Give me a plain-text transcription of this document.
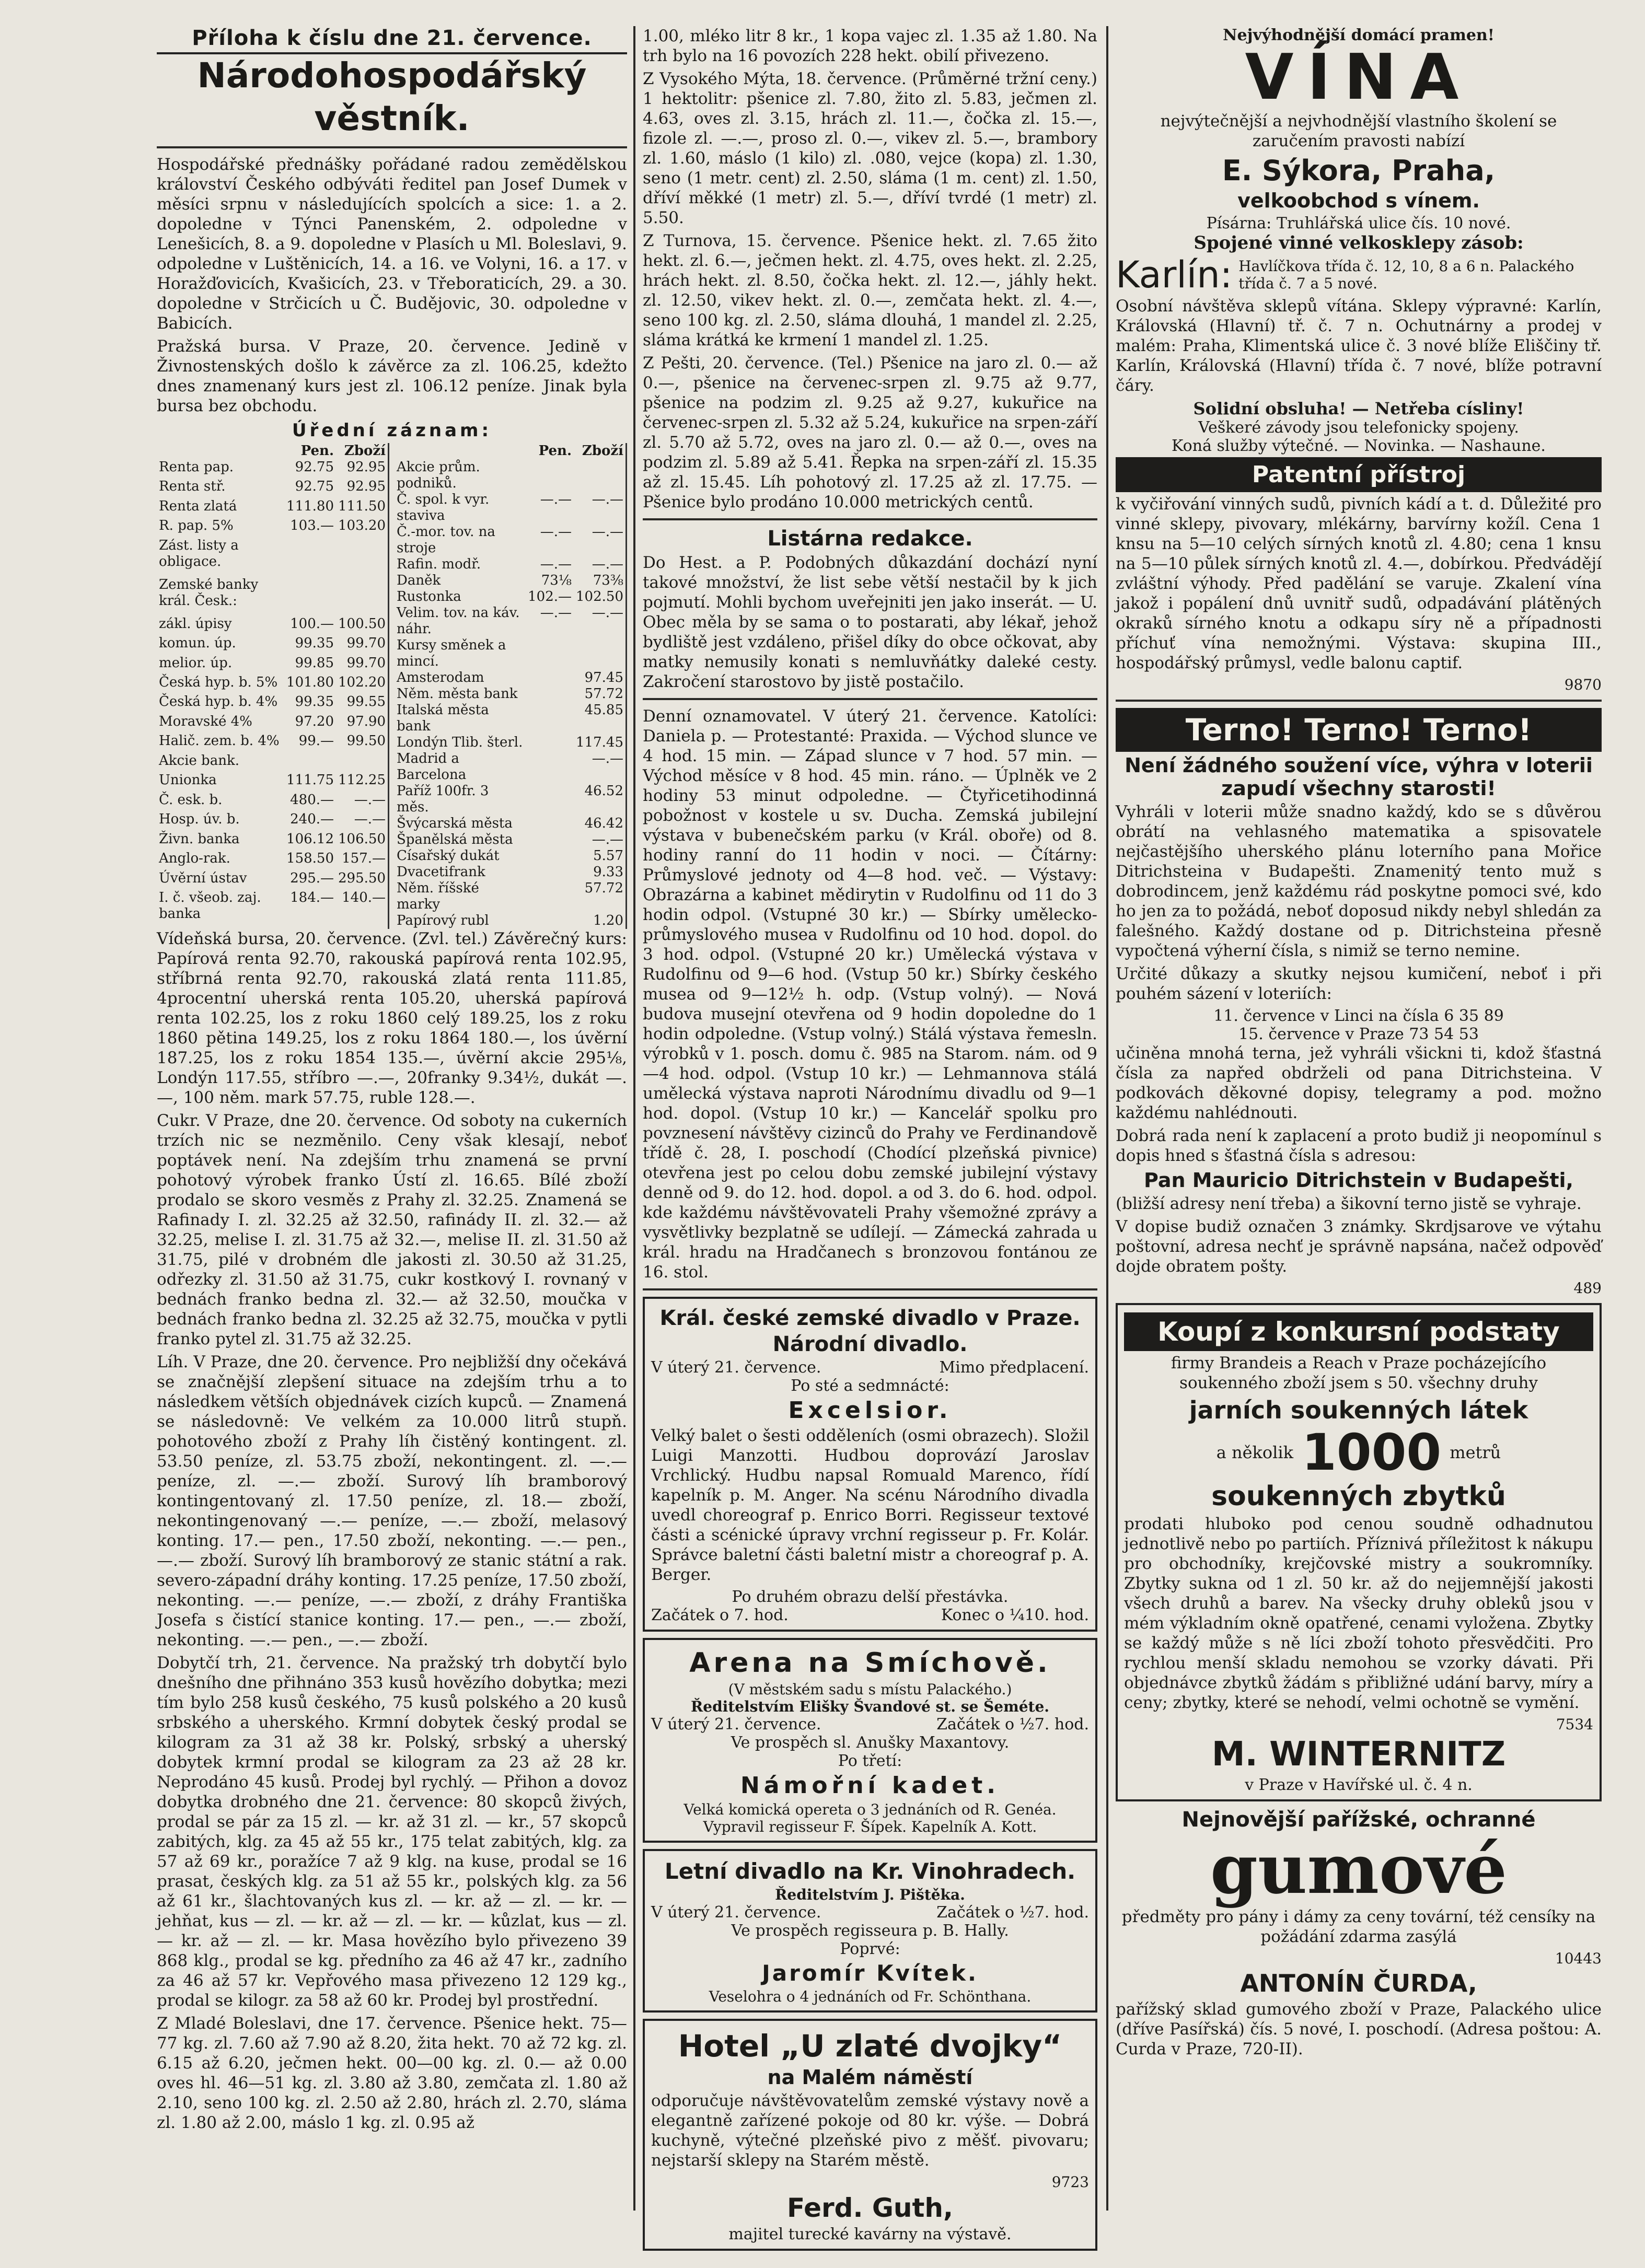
Příloha k číslu dne 21. července.
Národohospodářský věstník.

Hospodářské přednášky pořádané radou zemědělskou království Českého odbýváti ředitel pan Josef Dumek v měsíci srpnu v následujících spolcích a sice: 1. a 2. dopoledne v Týnci Panenském, 2. odpoledne v Lenešicích, 8. a 9. dopoledne v Plasích u Ml. Boleslavi, 9. odpoledne v Luštěnicích, 14. a 16. ve Volyni, 16. a 17. v Horažďovicích, Kvašicích, 23. v Třeboraticích, 29. a 30. dopoledne v Strčicích u Č. Budějovic, 30. odpoledne v Babicích.

Pražská bursa. V Praze, 20. července. Jedině v Živnostenských došlo k závěrce za zl. 106.25, kdežto dnes znamenaný kurs jest zl. 106.12 peníze. Jinak byla bursa bez obchodu.

Úřední záznam:
	Pen.	Zboží
Renta pap.	92.75	92.95
Renta stř.	92.75	92.95
Renta zlatá	111.80	111.50
R. pap. 5%	103.—	103.20
Zást. listy a obligace.		
Zemské banky král. Česk.:		
zákl. úpisy	100.—	100.50
komun. úp.	99.35	99.70
melior. úp.	99.85	99.70
Česká hyp. b. 5%	101.80	102.20
Česká hyp. b. 4%	99.35	99.55
Moravské 4%	97.20	97.90
Halič. zem. b. 4%	99.—	99.50
Akcie bank.		
Unionka	111.75	112.25
Č. esk. b.	480.—	—.—
Hosp. úv. b.	240.—	—.—
Živn. banka	106.12	106.50
Anglo-rak.	158.50	157.—
Úvěrní ústav	295.—	295.50
I. č. všeob. zaj. banka	184.—	140.—
	Pen.	Zboží
Akcie prům. podniků.		
Č. spol. k vyr. staviva	—.—	—.—
Č.-mor. tov. na stroje	—.—	—.—
Rafin. modř.	—.—	—.—
Daněk	73⅛	73⅜
Rustonka	102.—	102.50
Velim. tov. na káv. náhr.	—.—	—.—
Kursy směnek a mincí.		
Amsterodam		97.45
Něm. města bank		57.72
Italská města bank		45.85
Londýn Tlib. šterl.		117.45
Madrid a Barcelona		—.—
Paříž 100fr. 3 měs.		46.52
Švýcarská města		46.42
Španělská města		—.—
Císařský dukát		5.57
Dvacetifrank		9.33
Něm. říšské marky		57.72
Papírový rubl		1.20

Vídeňská bursa, 20. července. (Zvl. tel.) Závěrečný kurs: Papírová renta 92.70, rakouská papírová renta 102.95, stříbrná renta 92.70, rakouská zlatá renta 111.85, 4procentní uherská renta 105.20, uherská papírová renta 102.25, los z roku 1860 celý 189.25, los z roku 1860 pětina 149.25, los z roku 1864 180.—, los úvěrní 187.25, los z roku 1854 135.—, úvěrní akcie 295⅛, Londýn 117.55, stříbro —.—, 20franky 9.34½, dukát —.—, 100 něm. mark 57.75, ruble 128.—.

Cukr. V Praze, dne 20. července. Od soboty na cukerních trzích nic se nezměnilo. Ceny však klesají, neboť poptávek není. Na zdejším trhu znamená se první pohotový výrobek franko Ústí zl. 16.65. Bílé zboží prodalo se skoro vesměs z Prahy zl. 32.25. Znamená se Rafinady I. zl. 32.25 až 32.50, rafinády II. zl. 32.— až 32.25, melise I. zl. 31.75 až 32.—, melise II. zl. 31.50 až 31.75, pilé v drobném dle jakosti zl. 30.50 až 31.25, odřezky zl. 31.50 až 31.75, cukr kostkový I. rovnaný v bednách franko bedna zl. 32.— až 32.50, moučka v bednách franko bedna zl. 32.25 až 32.75, moučka v pytli franko pytel zl. 31.75 až 32.25.

Líh. V Praze, dne 20. července. Pro nejbližší dny očekává se značnější zlepšení situace na zdejším trhu a to následkem větších objednávek cizích kupců. — Znamená se následovně: Ve velkém za 10.000 litrů stupň. pohotového zboží z Prahy líh čistěný kontingent. zl. 53.50 peníze, zl. 53.75 zboží, nekontingent. zl. —.— peníze, zl. —.— zboží. Surový líh bramborový kontingentovaný zl. 17.50 peníze, zl. 18.— zboží, nekontingenovaný —.— peníze, —.— zboží, melasový konting. 17.— pen., 17.50 zboží, nekonting. —.— pen., —.— zboží. Surový líh bramborový ze stanic státní a rak. severo-západní dráhy konting. 17.25 peníze, 17.50 zboží, nekonting. —.— peníze, —.— zboží, z dráhy Františka Josefa s čistící stanice konting. 17.— pen., —.— zboží, nekonting. —.— pen., —.— zboží.

Dobytčí trh, 21. července. Na pražský trh dobytčí bylo dnešního dne přihnáno 353 kusů hovězího dobytka; mezi tím bylo 258 kusů českého, 75 kusů polského a 20 kusů srbského a uherského. Krmní dobytek český prodal se kilogram za 31 až 38 kr. Polský, srbský a uherský dobytek krmní prodal se kilogram za 23 až 28 kr. Neprodáno 45 kusů. Prodej byl rychlý. — Přihon a dovoz dobytka drobného dne 21. července: 80 skopců živých, prodal se pár za 15 zl. — kr. až 31 zl. — kr., 57 skopců zabitých, klg. za 45 až 55 kr., 175 telat zabitých, klg. za 57 až 69 kr., poražíce 7 až 9 klg. na kuse, prodal se 16 prasat, českých klg. za 51 až 55 kr., polských klg. za 56 až 61 kr., šlachtovaných kus zl. — kr. až — zl. — kr. — jehňat, kus — zl. — kr. až — zl. — kr. — kůzlat, kus — zl. — kr. až — zl. — kr. Masa hovězího bylo přivezeno 39 868 klg., prodal se kg. předního za 46 až 47 kr., zadního za 46 až 57 kr. Vepřového masa přivezeno 12 129 kg., prodal se kilogr. za 58 až 60 kr. Prodej byl prostřední.

Z Mladé Boleslavi, dne 17. července. Pšenice hekt. 75—77 kg. zl. 7.60 až 7.90 až 8.20, žita hekt. 70 až 72 kg. zl. 6.15 až 6.20, ječmen hekt. 00—00 kg. zl. 0.— až 0.00 oves hl. 46—51 kg. zl. 3.80 až 3.80, zemčata zl. 1.80 až 2.10, seno 100 kg. zl. 2.50 až 2.80, hrách zl. 2.70, sláma zl. 1.80 až 2.00, máslo 1 kg. zl. 0.95 až

1.00, mléko litr 8 kr., 1 kopa vajec zl. 1.35 až 1.80. Na trh bylo na 16 povozích 228 hekt. obilí přivezeno.

Z Vysokého Mýta, 18. července. (Průměrné tržní ceny.) 1 hektolitr: pšenice zl. 7.80, žito zl. 5.83, ječmen zl. 4.63, oves zl. 3.15, hrách zl. 11.—, čočka zl. 15.—, fizole zl. —.—, proso zl. 0.—, vikev zl. 5.—, brambory zl. 1.60, máslo (1 kilo) zl. .080, vejce (kopa) zl. 1.30, seno (1 metr. cent) zl. 2.50, sláma (1 m. cent) zl. 1.50, dříví měkké (1 metr) zl. 5.—, dříví tvrdé (1 metr) zl. 5.50.

Z Turnova, 15. července. Pšenice hekt. zl. 7.65 žito hekt. zl. 6.—, ječmen hekt. zl. 4.75, oves hekt. zl. 2.25, hrách hekt. zl. 8.50, čočka hekt. zl. 12.—, jáhly hekt. zl. 12.50, vikev hekt. zl. 0.—, zemčata hekt. zl. 4.—, seno 100 kg. zl. 2.50, sláma dlouhá, 1 mandel zl. 2.25, sláma krátká ke krmení 1 mandel zl. 1.25.

Z Pešti, 20. července. (Tel.) Pšenice na jaro zl. 0.— až 0.—, pšenice na červenec-srpen zl. 9.75 až 9.77, pšenice na podzim zl. 9.25 až 9.27, kukuřice na červenec-srpen zl. 5.32 až 5.24, kukuřice na srpen-září zl. 5.70 až 5.72, oves na jaro zl. 0.— až 0.—, oves na podzim zl. 5.89 až 5.41. Řepka na srpen-září zl. 15.35 až zl. 15.45. Líh pohotový zl. 17.25 až zl. 17.75. — Pšenice bylo prodáno 10.000 metrických centů.

Listárna redakce.

Do Hest. a P. Podobných důkazdání dochází nyní takové množství, že list sebe větší nestačil by k jich pojmutí. Mohli bychom uveřejniti jen jako inserát. — U. Obec měla by se sama o to postarati, aby lékař, jehož bydliště jest vzdáleno, přišel díky do obce očkovat, aby matky nemusily konati s nemluvňátky daleké cesty. Zakročení starostovo by jistě postačilo.

Denní oznamovatel. V úterý 21. července. Katolíci: Daniela p. — Protestanté: Praxida. — Východ slunce ve 4 hod. 15 min. — Západ slunce v 7 hod. 57 min. — Východ měsíce v 8 hod. 45 min. ráno. — Úplněk ve 2 hodiny 53 minut odpoledne. — Čtyřicetihodinná pobožnost v kostele u sv. Ducha. Zemská jubilejní výstava v bubenečském parku (v Král. oboře) od 8. hodiny ranní do 11 hodin v noci. — Čítárny: Průmyslové jednoty od 4—8 hod. več. — Výstavy: Obrazárna a kabinet mědirytin v Rudolfinu od 11 do 3 hodin odpol. (Vstupné 30 kr.) — Sbírky umělecko-průmyslového musea v Rudolfinu od 10 hod. dopol. do 3 hod. odpol. (Vstupné 20 kr.) Umělecká výstava v Rudolfinu od 9—6 hod. (Vstup 50 kr.) Sbírky českého musea od 9—12½ h. odp. (Vstup volný). — Nová budova musejní otevřena od 9 hodin dopoledne do 1 hodin odpoledne. (Vstup volný.) Stálá výstava řemesln. výrobků v 1. posch. domu č. 985 na Starom. nám. od 9—4 hod. odpol. (Vstup 10 kr.) — Lehmannova stálá umělecká výstava naproti Národnímu divadlu od 9—1 hod. dopol. (Vstup 10 kr.) — Kancelář spolku pro povznesení návštěvy cizinců do Prahy ve Ferdinandově třídě č. 28, I. poschodí (Chodící plzeňská pivnice) otevřena jest po celou dobu zemské jubilejní výstavy denně od 9. do 12. hod. dopol. a od 3. do 6. hod. odpol. kde každému návštěvovateli Prahy všemožné zprávy a vysvětlivky bezplatně se udílejí. — Zámecká zahrada u král. hradu na Hradčanech s bronzovou fontánou ze 16. stol.

Král. české zemské divadlo v Praze.
Národní divadlo.
V úterý 21. července.	Mimo předplacení.
Po sté a sedmnácté:
Excelsior.

Velký balet o šesti odděleních (osmi obrazech). Složil Luigi Manzotti. Hudbou doprovází Jaroslav Vrchlický. Hudbu napsal Romuald Marenco, řídí kapelník p. M. Anger. Na scénu Národního divadla uvedl choreograf p. Enrico Borri. Regisseur textové části a scénické úpravy vrchní regisseur p. Fr. Kolár. Správce baletní části baletní mistr a choreograf p. A. Berger.

Po druhém obrazu delší přestávka.
Začátek o 7. hod.	Konec o ¼10. hod.
Arena na Smíchově.
(V městském sadu s místu Palackého.)
Ředitelstvím Elišky Švandové st. se Šeméte.
V úterý 21. července.	Začátek o ½7. hod.
Ve prospěch sl. Anušky Maxantovy.
Po třetí:
Námořní kadet.
Velká komická opereta o 3 jednáních od R. Genéa. Vypravil regisseur F. Šípek. Kapelník A. Kott.
Letní divadlo na Kr. Vinohradech.
Ředitelstvím J. Pištěka.
V úterý 21. července.	Začátek o ½7. hod.
Ve prospěch regisseura p. B. Hally.
Poprvé:
Jaromír Kvítek.
Veselohra o 4 jednáních od Fr. Schönthana.
Hotel „U zlaté dvojky“
na Malém náměstí

odporučuje návštěvovatelům zemské výstavy nově a elegantně zařízené pokoje od 80 kr. výše. — Dobrá kuchyně, výtečné plzeňské pivo z měšť. pivovaru; nejstarší sklepy na Starém městě.

9723
Ferd. Guth,
majitel turecké kavárny na výstavě.
Nejvýhodnější domácí pramen!
VÍNA

nejvýtečnější a nejvhodnější vlastního školení se zaručením pravosti nabízí

E. Sýkora, Praha,
velkoobchod s vínem.
Písárna: Truhlářská ulice čís. 10 nové.
Spojené vinné velkosklepy zásob:
Karlín: Havlíčkova třída č. 12, 10, 8 a 6 n. Palackého třída č. 7 a 5 nové.

Osobní návštěva sklepů vítána. Sklepy výpravné: Karlín, Královská (Hlavní) tř. č. 7 n. Ochutnárny a prodej v malém: Praha, Klimentská ulice č. 3 nové blíže Eliščiny tř. Karlín, Královská (Hlavní) třída č. 7 nové, blíže potravní čáry.

Solidní obsluha! — Netřeba císliny!
Veškeré závody jsou telefonicky spojeny.
Koná služby výtečné. — Novinka. — Nashaune.
Patentní přístroj

k vyčiřování vinných sudů, pivních kádí a t. d. Důležité pro vinné sklepy, pivovary, mlékárny, barvírny kožíl. Cena 1 knsu na 5—10 celých sírných knotů zl. 4.80; cena 1 knsu na 5—10 půlek sírných knotů zl. 4.—, dobírkou. Předvádějí zvláštní výhody. Před padělání se varuje. Zkalení vína jakož i popálení dnů uvnitř sudů, odpadávání plátěných okraků sírného knotu a odkapu síry ně a případnosti příchuť vína nemožnými. Výstava: skupina III., hospodářský průmysl, vedle balonu captif.

9870
Terno! Terno! Terno!
Není žádného soužení více, výhra v loterii zapudí všechny starosti!

Vyhráli v loterii může snadno každý, kdo se s důvěrou obrátí na vehlasného matematika a spisovatele nejčastějšího uherského plánu loterního pana Mořice Ditrichsteina v Budapešti. Znamenitý tento muž s dobrodincem, jenž každému rád poskytne pomoci své, kdo ho jen za to požádá, neboť doposud nikdy nebyl shledán za falešného. Každý dostane od p. Ditrichsteina přesně vypočtená výherní čísla, s nimiž se terno nemine.

Určité důkazy a skutky nejsou kumičení, neboť i při pouhém sázení v loteriích:

11. července v Linci na čísla 6 35 89
15. července v Praze 73 54 53

učiněna mnohá terna, jež vyhráli všickni ti, kdož šťastná čísla za napřed obdrželi od pana Ditrichsteina. V podkovách děkovné dopisy, telegramy a pod. možno každému nahlédnouti.

Dobrá rada není k zaplacení a proto budiž ji neopomínul s dopis hned s šťastná čísla s adresou:

Pan Mauricio Ditrichstein v Budapešti,

(bližší adresy není třeba) a šikovní terno jistě se vyhraje.

V dopise budiž označen 3 známky. Skrdjsarove ve výtahu poštovní, adresa nechť je správně napsána, načež odpověď dojde obratem pošty.

489
Koupí z konkursní podstaty

firmy Brandeis a Reach v Praze pocházejícího soukenného zboží jsem s 50. všechny druhy

jarních soukenných látek
a několik 1000 metrů
soukenných zbytků

prodati hluboko pod cenou soudně odhadnutou jednotlivě nebo po partiích. Příznivá příležitost k nákupu pro obchodníky, krejčovské mistry a soukromníky. Zbytky sukna od 1 zl. 50 kr. až do nejjemnější jakosti všech druhů a barev. Na všecky druhy obleků jsou v mém výkladním okně opatřené, cenami vyložena. Zbytky se každý může s ně líci zboží tohoto přesvědčiti. Pro rychlou menší skladu nemohou se vzorky dávati. Při objednávce zbytků žádám s přibližné udání barvy, míry a ceny; zbytky, které se nehodí, velmi ochotně se vymění.

7534
M. WINTERNITZ
v Praze v Havířské ul. č. 4 n.
Nejnovější pařížské, ochranné
gumové

předměty pro pány i dámy za ceny tovární, též censíky na požádání zdarma zasýlá

10443
ANTONÍN ČURDA,

pařížský sklad gumového zboží v Praze, Palackého ulice (dříve Pasířská) čís. 5 nové, I. poschodí. (Adresa poštou: A. Curda v Praze, 720-II).
